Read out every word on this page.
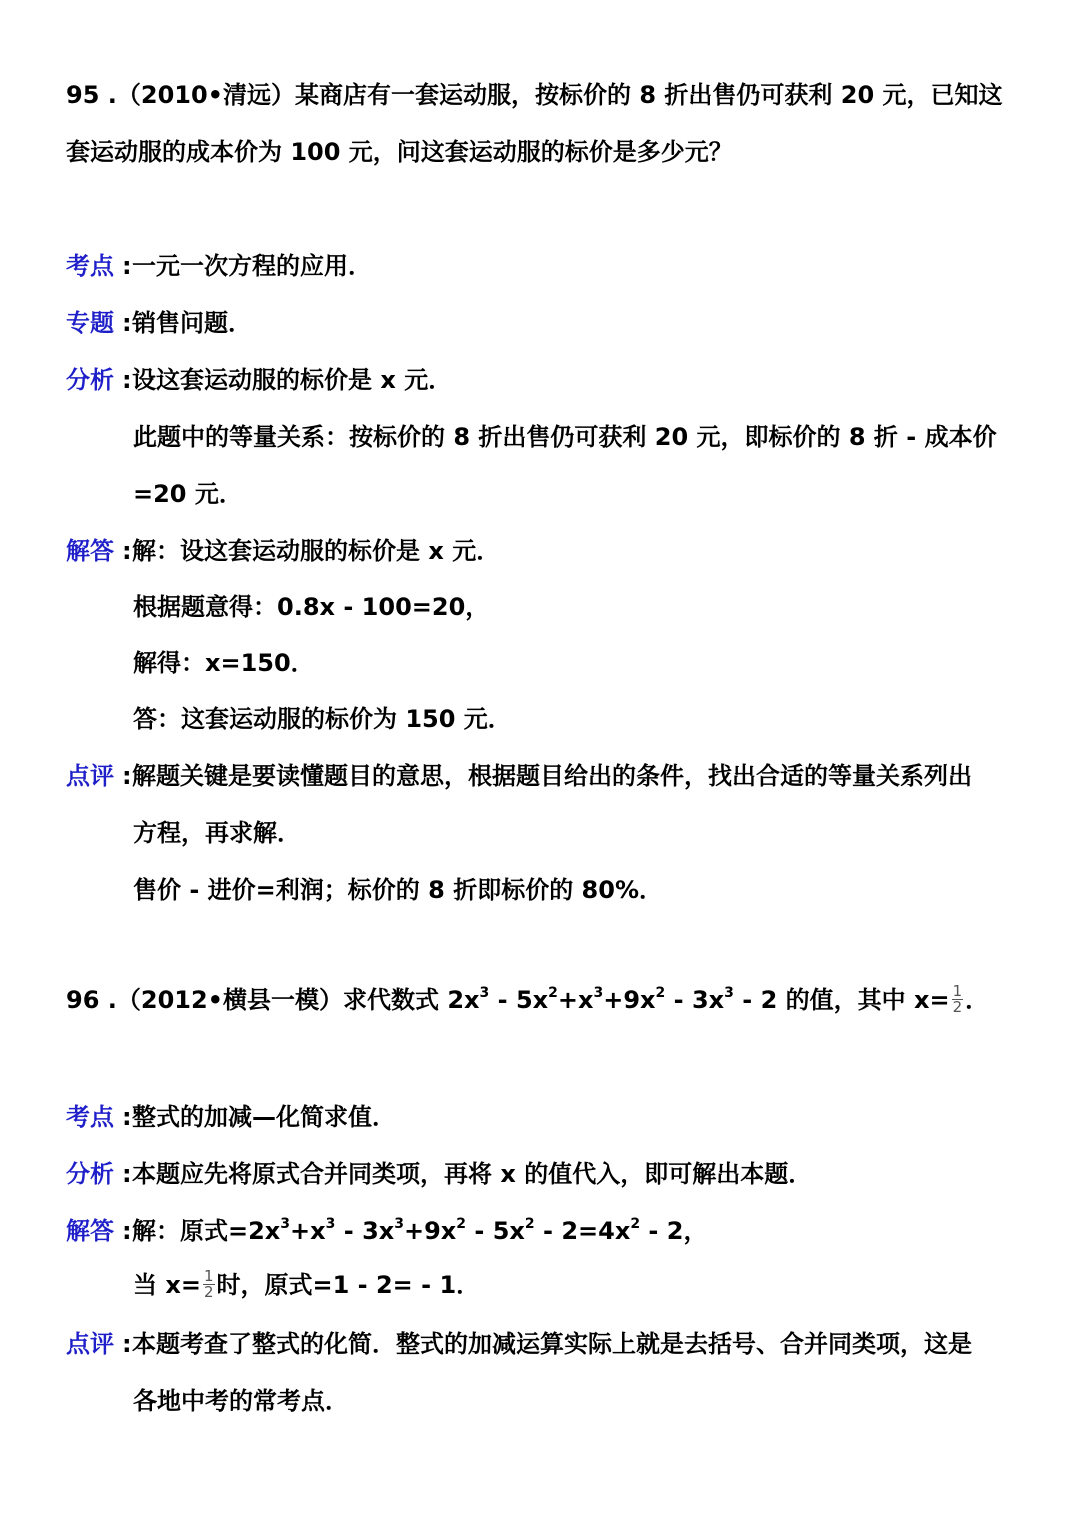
95 .（2010•清远）某商店有一套运动服，按标价的 8 折出售仍可获利 20 元，已知这
套运动服的成本价为 100 元，问这套运动服的标价是多少元？
考点 :一元一次方程的应用．
专题 :销售问题．
分析 :设这套运动服的标价是 x 元．
此题中的等量关系：按标价的 8 折出售仍可获利 20 元，即标价的 8 折 - 成本价
=20 元．
解答 :解：设这套运动服的标价是 x 元．
根据题意得：0.8x - 100=20，
解得：x=150．
答：这套运动服的标价为 150 元．
点评 :解题关键是要读懂题目的意思，根据题目给出的条件，找出合适的等量关系列出
方程，再求解．
售价 - 进价=利润；标价的 8 折即标价的 80%．
96 .（2012•横县一模）求代数式 $2x^3 - 5x^2+x^3+9x^2 - 3x^3 - 2$ 的值，其中 $x= \frac{1}{2}$ ．
考点 :整式的加减—化简求值．
分析 :本题应先将原式合并同类项，再将 x 的值代入，即可解出本题．
解答 :解：原式$=2x^3+x^3 - 3x^3+9x^2 - 5x^2 - 2=4x^2 - 2$，
当 $x= \frac{1}{2}$ 时，原式=1 - 2= - 1．
点评 :本题考查了整式的化简．整式的加减运算实际上就是去括号、合并同类项，这是
各地中考的常考点．
